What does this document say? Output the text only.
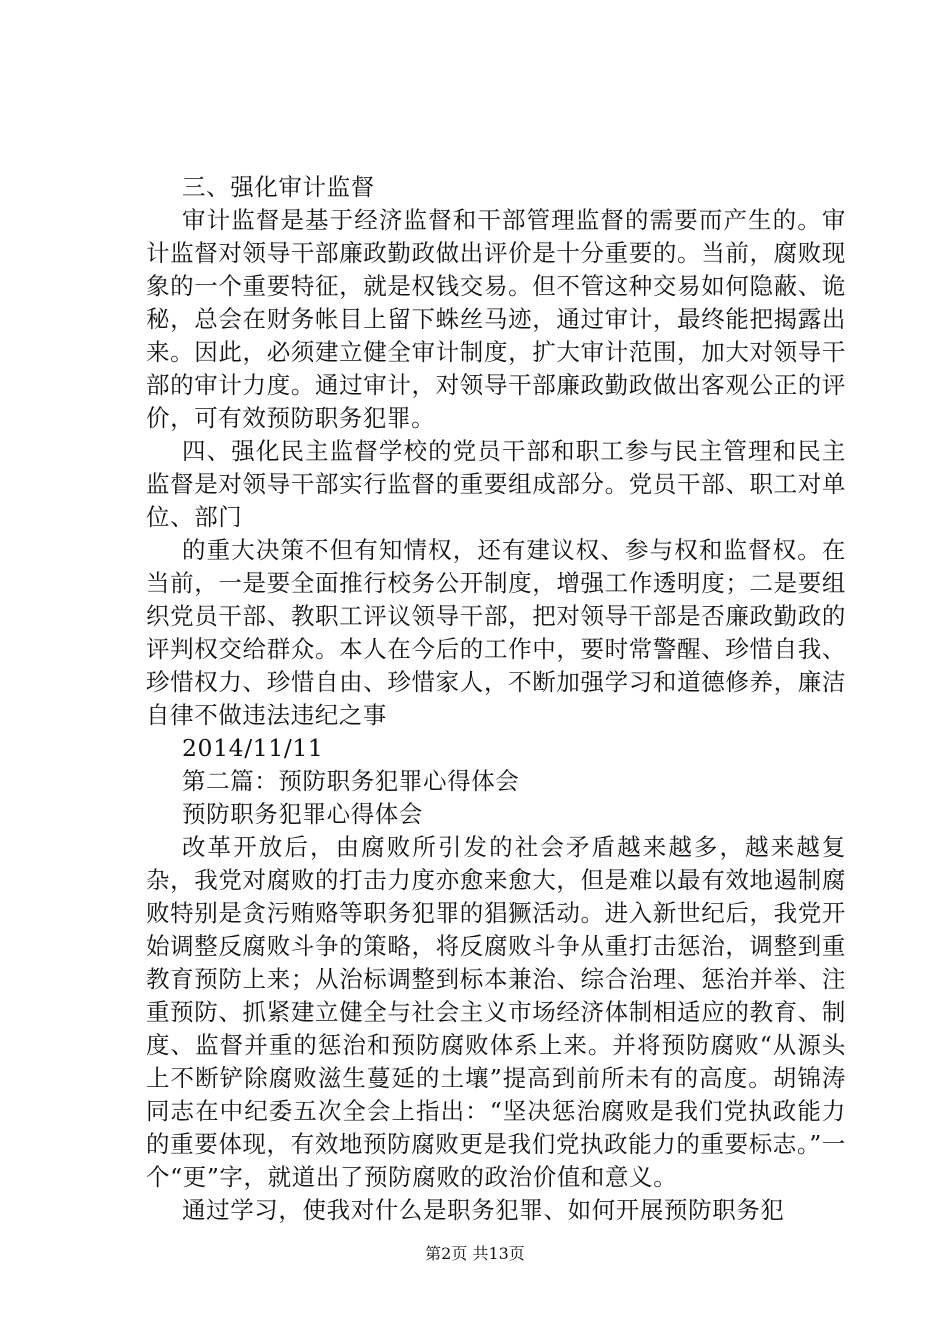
三、强化审计监督

审计监督是基于经济监督和干部管理监督的需要而产生的。审计监督对领导干部廉政勤政做出评价是十分重要的。当前，腐败现象的一个重要特征，就是权钱交易。但不管这种交易如何隐蔽、诡秘，总会在财务帐目上留下蛛丝马迹，通过审计，最终能把揭露出来。因此，必须建立健全审计制度，扩大审计范围，加大对领导干部的审计力度。通过审计，对领导干部廉政勤政做出客观公正的评价，可有效预防职务犯罪。

四、强化民主监督学校的党员干部和职工参与民主管理和民主监督是对领导干部实行监督的重要组成部分。党员干部、职工对单位、部门

的重大决策不但有知情权，还有建议权、参与权和监督权。在当前，一是要全面推行校务公开制度，增强工作透明度；二是要组织党员干部、教职工评议领导干部，把对领导干部是否廉政勤政的评判权交给群众。本人在今后的工作中，要时常警醒、珍惜自我、珍惜权力、珍惜自由、珍惜家人，不断加强学习和道德修养，廉洁自律不做违法违纪之事

2014/11/11

第二篇：预防职务犯罪心得体会

预防职务犯罪心得体会

改革开放后，由腐败所引发的社会矛盾越来越多，越来越复杂，我党对腐败的打击力度亦愈来愈大，但是难以最有效地遏制腐败特别是贪污贿赂等职务犯罪的猖獗活动。进入新世纪后，我党开始调整反腐败斗争的策略，将反腐败斗争从重打击惩治，调整到重教育预防上来；从治标调整到标本兼治、综合治理、惩治并举、注重预防、抓紧建立健全与社会主义市场经济体制相适应的教育、制度、监督并重的惩治和预防腐败体系上来。并将预防腐败“从源头上不断铲除腐败滋生蔓延的土壤”提高到前所未有的高度。胡锦涛同志在中纪委五次全会上指出：“坚决惩治腐败是我们党执政能力的重要体现，有效地预防腐败更是我们党执政能力的重要标志。”一个“更”字，就道出了预防腐败的政治价值和意义。

通过学习，使我对什么是职务犯罪、如何开展预防职务犯

第2页 共13页
